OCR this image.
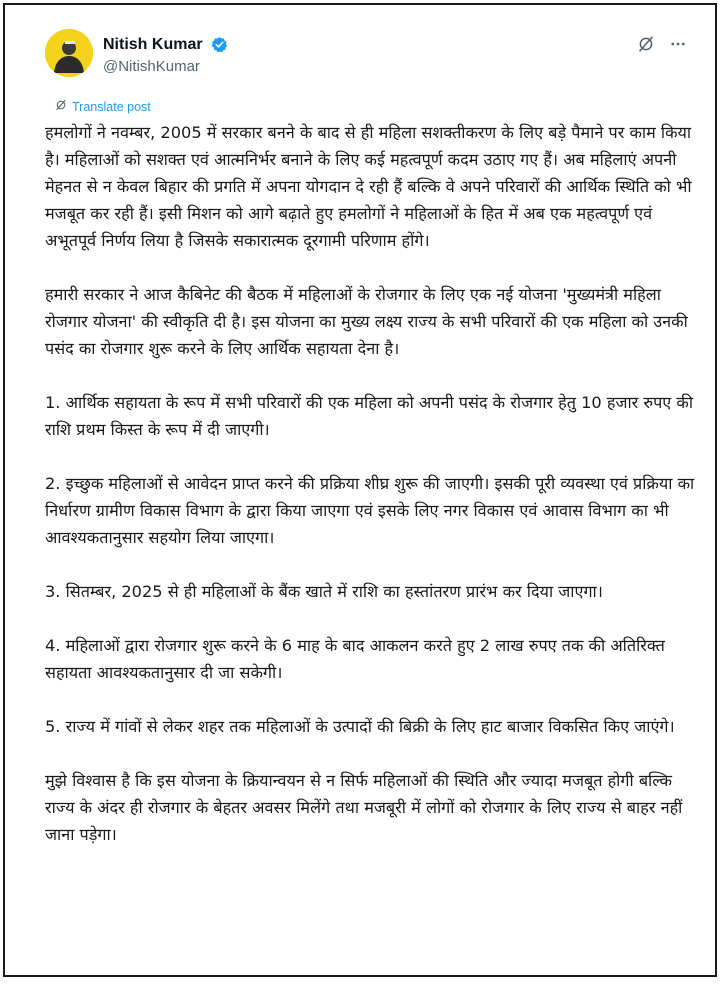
Nitish Kumar
@NitishKumar
Translate post

हमलोगों ने नवम्बर, 2005 में सरकार बनने के बाद से ही महिला सशक्तीकरण के लिए बड़े पैमाने पर काम किया है। महिलाओं को सशक्त एवं आत्मनिर्भर बनाने के लिए कई महत्वपूर्ण कदम उठाए गए हैं। अब महिलाएं अपनी मेहनत से न केवल बिहार की प्रगति में अपना योगदान दे रही हैं बल्कि वे अपने परिवारों की आर्थिक स्थिति को भी मजबूत कर रही हैं। इसी मिशन को आगे बढ़ाते हुए हमलोगों ने महिलाओं के हित में अब एक महत्वपूर्ण एवं अभूतपूर्व निर्णय लिया है जिसके सकारात्मक दूरगामी परिणाम होंगे।

हमारी सरकार ने आज कैबिनेट की बैठक में महिलाओं के रोजगार के लिए एक नई योजना 'मुख्यमंत्री महिला रोजगार योजना' की स्वीकृति दी है। इस योजना का मुख्य लक्ष्य राज्य के सभी परिवारों की एक महिला को उनकी पसंद का रोजगार शुरू करने के लिए आर्थिक सहायता देना है।

1. आर्थिक सहायता के रूप में सभी परिवारों की एक महिला को अपनी पसंद के रोजगार हेतु 10 हजार रुपए की राशि प्रथम किस्त के रूप में दी जाएगी।

2. इच्छुक महिलाओं से आवेदन प्राप्त करने की प्रक्रिया शीघ्र शुरू की जाएगी। इसकी पूरी व्यवस्था एवं प्रक्रिया का निर्धारण ग्रामीण विकास विभाग के द्वारा किया जाएगा एवं इसके लिए नगर विकास एवं आवास विभाग का भी आवश्यकतानुसार सहयोग लिया जाएगा।

3. सितम्बर, 2025 से ही महिलाओं के बैंक खाते में राशि का हस्तांतरण प्रारंभ कर दिया जाएगा।

4. महिलाओं द्वारा रोजगार शुरू करने के 6 माह के बाद आकलन करते हुए 2 लाख रुपए तक की अतिरिक्त सहायता आवश्यकतानुसार दी जा सकेगी।

5. राज्य में गांवों से लेकर शहर तक महिलाओं के उत्पादों की बिक्री के लिए हाट बाजार विकसित किए जाएंगे।

मुझे विश्वास है कि इस योजना के क्रियान्वयन से न सिर्फ महिलाओं की स्थिति और ज्यादा मजबूत होगी बल्कि राज्य के अंदर ही रोजगार के बेहतर अवसर मिलेंगे तथा मजबूरी में लोगों को रोजगार के लिए राज्य से बाहर नहीं जाना पड़ेगा।
